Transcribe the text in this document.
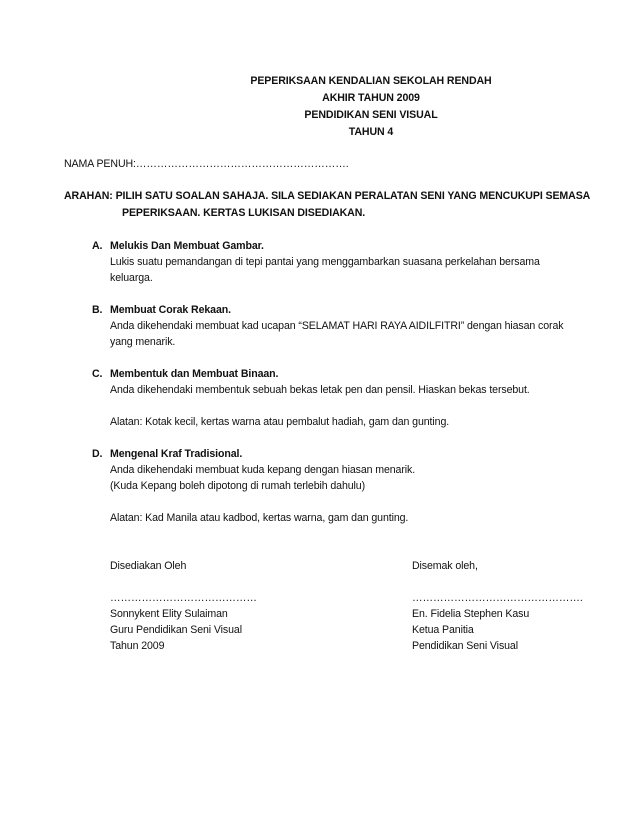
PEPERIKSAAN KENDALIAN SEKOLAH RENDAH
AKHIR TAHUN 2009
PENDIDIKAN SENI VISUAL
TAHUN 4
NAMA PENUH:…………………………………………………….
ARAHAN: PILIH SATU SOALAN SAHAJA. SILA SEDIAKAN PERALATAN SENI YANG MENCUKUPI SEMASA
PEPERIKSAAN. KERTAS LUKISAN DISEDIAKAN.
A. Melukis Dan Membuat Gambar.
Lukis suatu pemandangan di tepi pantai yang menggambarkan suasana perkelahan bersama
keluarga.
B. Membuat Corak Rekaan.
Anda dikehendaki membuat kad ucapan “SELAMAT HARI RAYA AIDILFITRI” dengan hiasan corak
yang menarik.
C. Membentuk dan Membuat Binaan.
Anda dikehendaki membentuk sebuah bekas letak pen dan pensil. Hiaskan bekas tersebut.
Alatan: Kotak kecil, kertas warna atau pembalut hadiah, gam dan gunting.
D. Mengenal Kraf Tradisional.
Anda dikehendaki membuat kuda kepang dengan hiasan menarik.
(Kuda Kepang boleh dipotong di rumah terlebih dahulu)
Alatan: Kad Manila atau kadbod, kertas warna, gam dan gunting.
Disediakan Oleh
……………………………………
Sonnykent Elity Sulaiman
Guru Pendidikan Seni Visual
Tahun 2009
Disemak oleh,
………………………………………….
En. Fidelia Stephen Kasu
Ketua Panitia
Pendidikan Seni Visual
